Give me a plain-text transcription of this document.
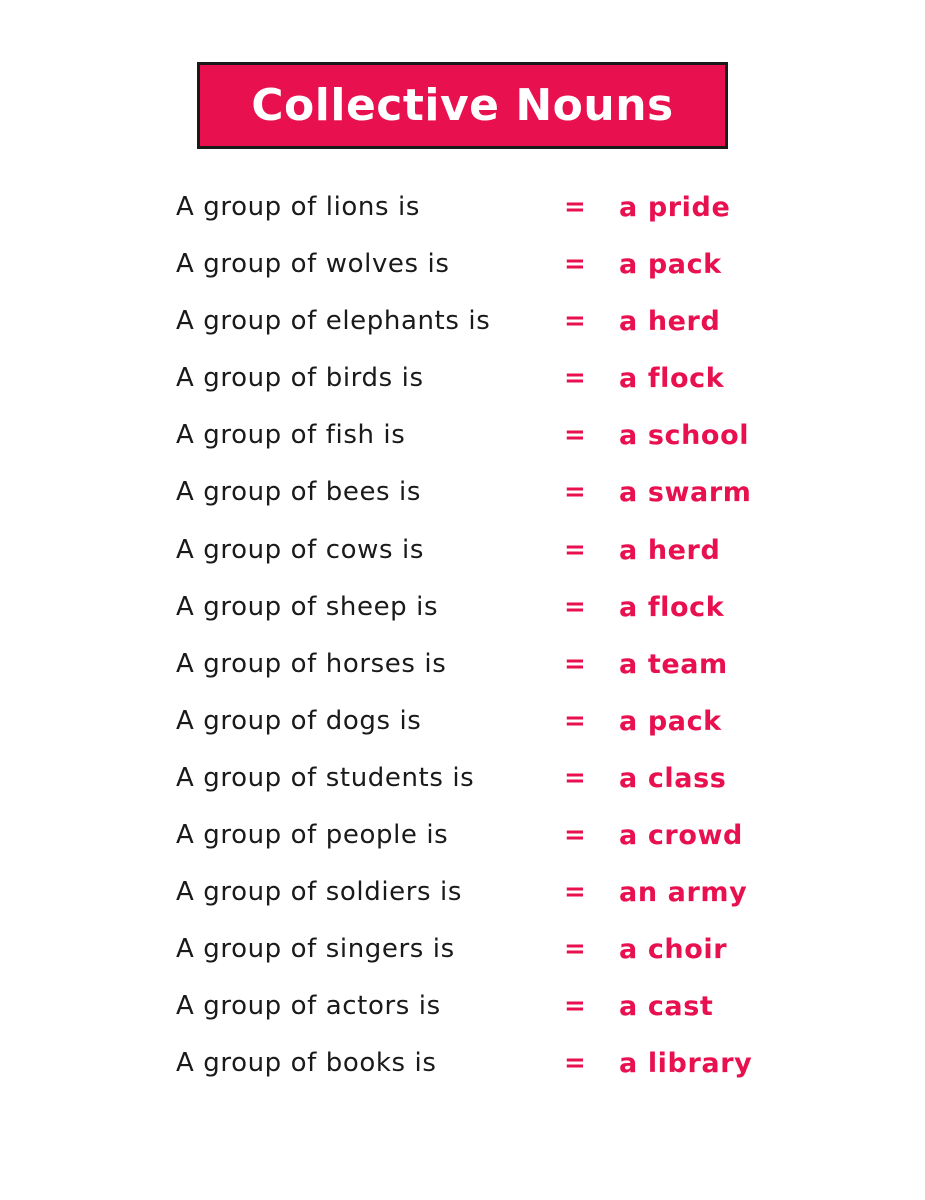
Collective Nouns
A group of lions is	= a pride
A group of wolves is	= a pack
A group of elephants is	= a herd
A group of birds is	= a flock
A group of fish is	= a school
A group of bees is	= a swarm
A group of cows is	= a herd
A group of sheep is	= a flock
A group of horses is	= a team
A group of dogs is	= a pack
A group of students is	= a class
A group of people is	= a crowd
A group of soldiers is	= an army
A group of singers is	= a choir
A group of actors is	= a cast
A group of books is	= a library
